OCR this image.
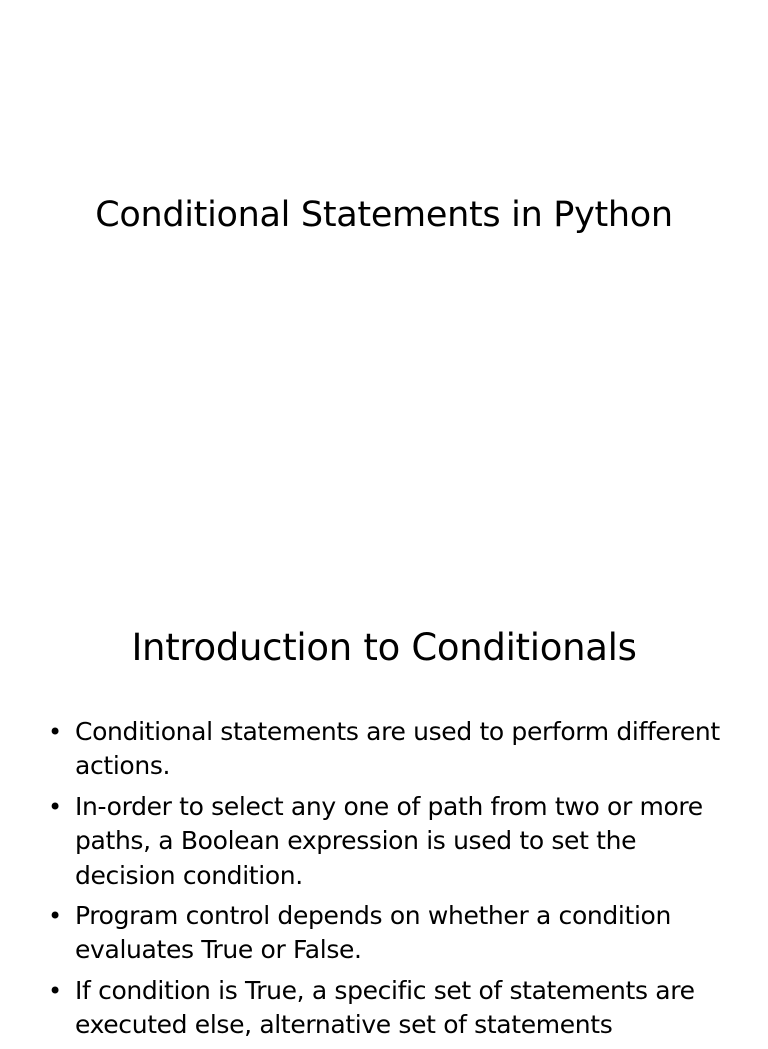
Conditional Statements in Python
Introduction to Conditionals
• Conditional statements are used to perform different actions.
• In-order to select any one of path from two or more paths, a Boolean expression is used to set the decision condition.
• Program control depends on whether a condition evaluates True or False.
• If condition is True, a specific set of statements are executed else, alternative set of statements
